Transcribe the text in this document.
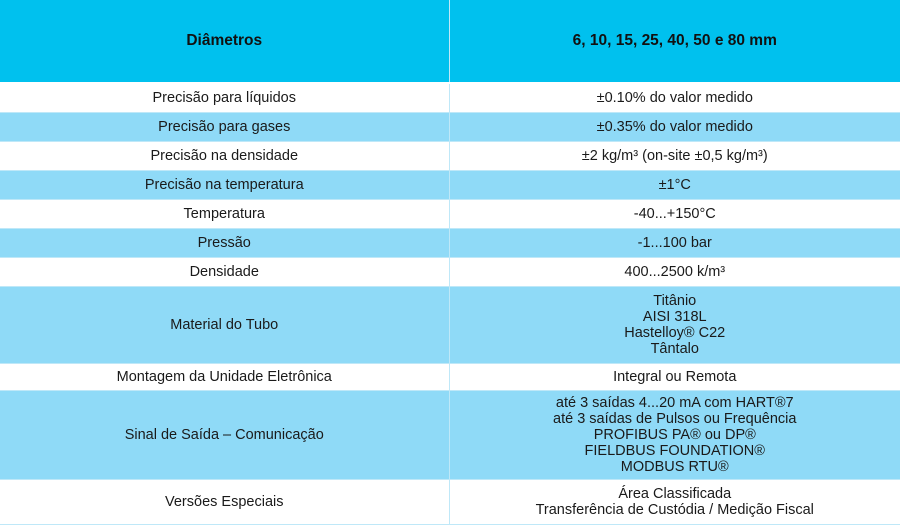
Diâmetros	6, 10, 15, 25, 40, 50 e 80 mm
Precisão para líquidos	±0.10% do valor medido
Precisão para gases	±0.35% do valor medido
Precisão na densidade	±2 kg/m³ (on-site ±0,5 kg/m³)
Precisão na temperatura	±1°C
Temperatura	-40...+150°C
Pressão	-1...100 bar
Densidade	400...2500 k/m³
Material do Tubo	Titânio
AISI 318L
Hastelloy® C22
Tântalo

Montagem da Unidade Eletrônica	Integral ou Remota
Sinal de Saída – Comunicação	até 3 saídas 4...20 mA com HART®7
até 3 saídas de Pulsos ou Frequência
PROFIBUS PA® ou DP®
FIELDBUS FOUNDATION®
MODBUS RTU®

Versões Especiais	Área Classificada
Transferência de Custódia / Medição Fiscal
